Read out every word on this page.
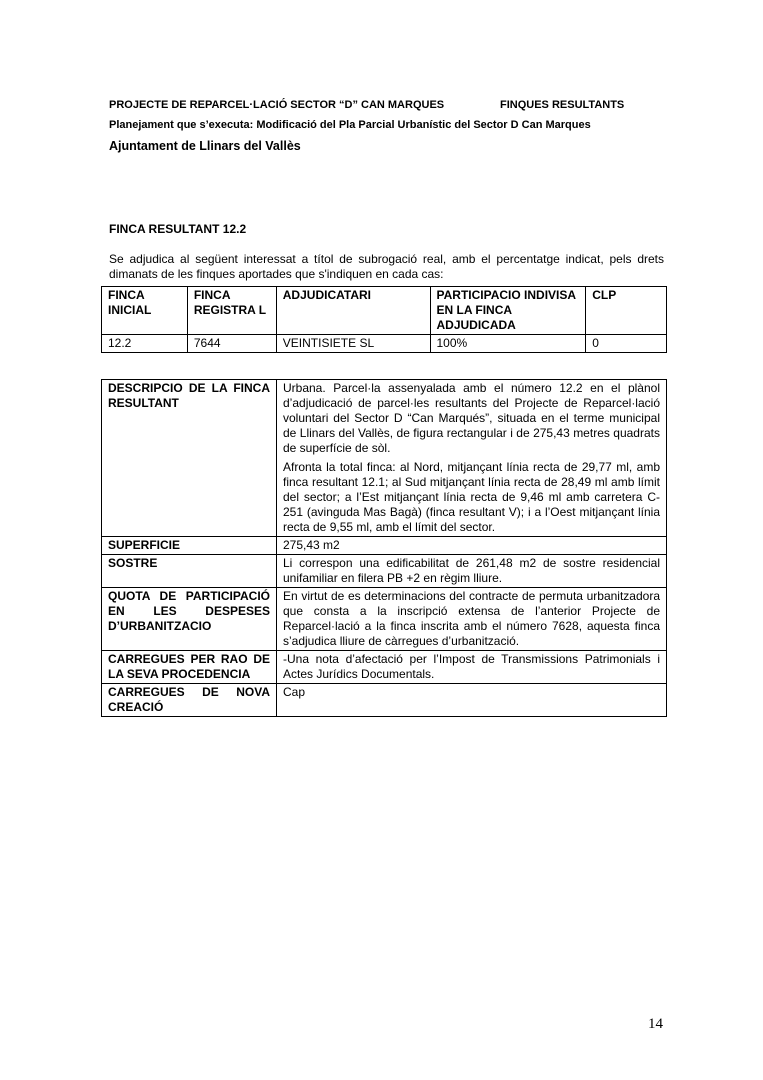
PROJECTE DE REPARCEL·LACIÓ SECTOR “D” CAN MARQUES	FINQUES RESULTANTS
Planejament que s’executa: Modificació del Pla Parcial Urbanístic del Sector D Can Marques
Ajuntament de Llinars del Vallès
FINCA RESULTANT 12.2
Se adjudica al següent interessat a títol de subrogació real, amb el percentatge indicat, pels drets dimanats de les finques aportades que s'indiquen en cada cas:
FINCA INICIAL	FINCA REGISTRA L	ADJUDICATARI	PARTICIPACIO INDIVISA EN LA FINCA ADJUDICADA	CLP
12.2	7644	VEINTISIETE SL	100%	0
DESCRIPCIO DE LA FINCA RESULTANT	Urbana. Parcel·la assenyalada amb el número 12.2 en el plànol d’adjudicació de parcel·les resultants del Projecte de Reparcel·lació voluntari del Sector D “Can Marqués”, situada en el terme municipal de Llinars del Vallès, de figura rectangular i de 275,43 metres quadrats de superfície de sòl.

Afronta la total finca: al Nord, mitjançant línia recta de 29,77 ml, amb finca resultant 12.1; al Sud mitjançant línia recta de 28,49 ml amb límit del sector; a l’Est mitjançant línia recta de 9,46 ml amb carretera C- 251 (avinguda Mas Bagà) (finca resultant V); i a l’Oest mitjançant línia recta de 9,55 ml, amb el límit del sector.

SUPERFICIE	275,43 m2
SOSTRE	Li correspon una edificabilitat de 261,48 m2 de sostre residencial unifamiliar en filera PB +2 en règim lliure.
QUOTA DE PARTICIPACIÓ EN LES DESPESES D’URBANITZACIO	En virtut de es determinacions del contracte de permuta urbanitzadora que consta a la inscripció extensa de l’anterior Projecte de Reparcel·lació a la finca inscrita amb el número 7628, aquesta finca s’adjudica lliure de càrregues d’urbanització.
CARREGUES PER RAO DE LA SEVA PROCEDENCIA	-Una nota d’afectació per l’Impost de Transmissions Patrimonials i Actes Jurídics Documentals.
CARREGUES DE NOVA CREACIÓ	Cap
14
